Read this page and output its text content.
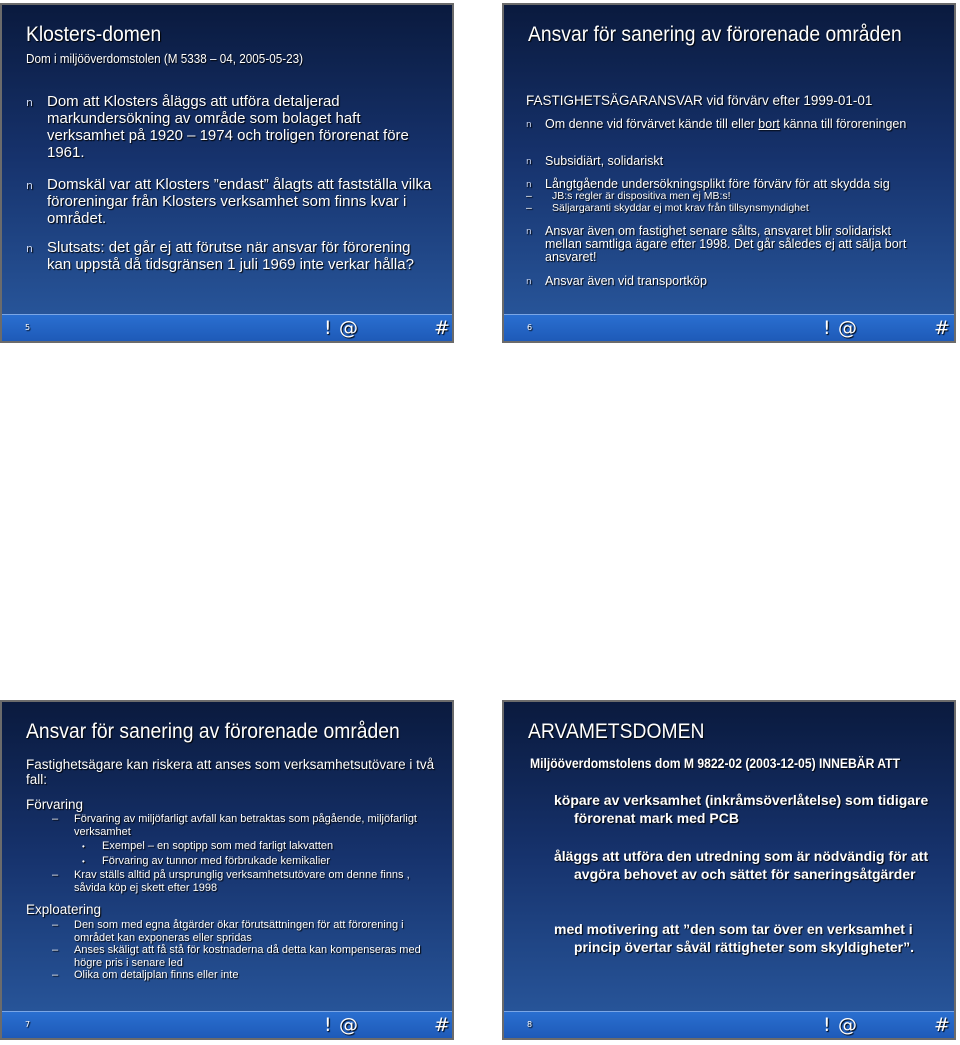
Klosters-domen
Dom i miljööverdomstolen (M 5338 – 04, 2005-05-23)
n Dom att Klosters åläggs att utföra detaljerad markundersökning av område som bolaget haft verksamhet på 1920 – 1974 och troligen förorenat före 1961.
n Domskäl var att Klosters ”endast” ålagts att fastställa vilka föroreningar från Klosters verksamhet som finns kvar i området.
n Slutsats: det går ej att förutse när ansvar för förorening kan uppstå då tidsgränsen 1 juli 1969 inte verkar hålla?
5	! @	#
Ansvar för sanering av förorenade områden
FASTIGHETSÄGARANSVAR vid förvärv efter 1999-01-01
n Om denne vid förvärvet kände till eller bort känna till föroreningen
n Subsidiärt, solidariskt
n Långtgående undersökningsplikt före förvärv för att skydda sig
– JB:s regler är dispositiva men ej MB:s!
– Säljargaranti skyddar ej mot krav från tillsynsmyndighet
n Ansvar även om fastighet senare sålts, ansvaret blir solidariskt mellan samtliga ägare efter 1998. Det går således ej att sälja bort ansvaret!
n Ansvar även vid transportköp
6	! @	#
Ansvar för sanering av förorenade områden
Fastighetsägare kan riskera att anses som verksamhetsutövare i två fall:
Förvaring
– Förvaring av miljöfarligt avfall kan betraktas som pågående, miljöfarligt verksamhet
• Exempel – en soptipp som med farligt lakvatten
• Förvaring av tunnor med förbrukade kemikalier
– Krav ställs alltid på ursprunglig verksamhetsutövare om denne finns , såvida köp ej skett efter 1998
Exploatering
– Den som med egna åtgärder ökar förutsättningen för att förorening i området kan exponeras eller spridas
– Anses skäligt att få stå för kostnaderna då detta kan kompenseras med högre pris i senare led
– Olika om detaljplan finns eller inte
7	! @	#
ARVAMETSDOMEN
Miljööverdomstolens dom M 9822-02 (2003-12-05) INNEBÄR ATT
köpare av verksamhet (inkråmsöverlåtelse) som tidigare förorenat mark med PCB
åläggs att utföra den utredning som är nödvändig för att avgöra behovet av och sättet för saneringsåtgärder
med motivering att ”den som tar över en verksamhet i princip övertar såväl rättigheter som skyldigheter”.
8	! @	#
